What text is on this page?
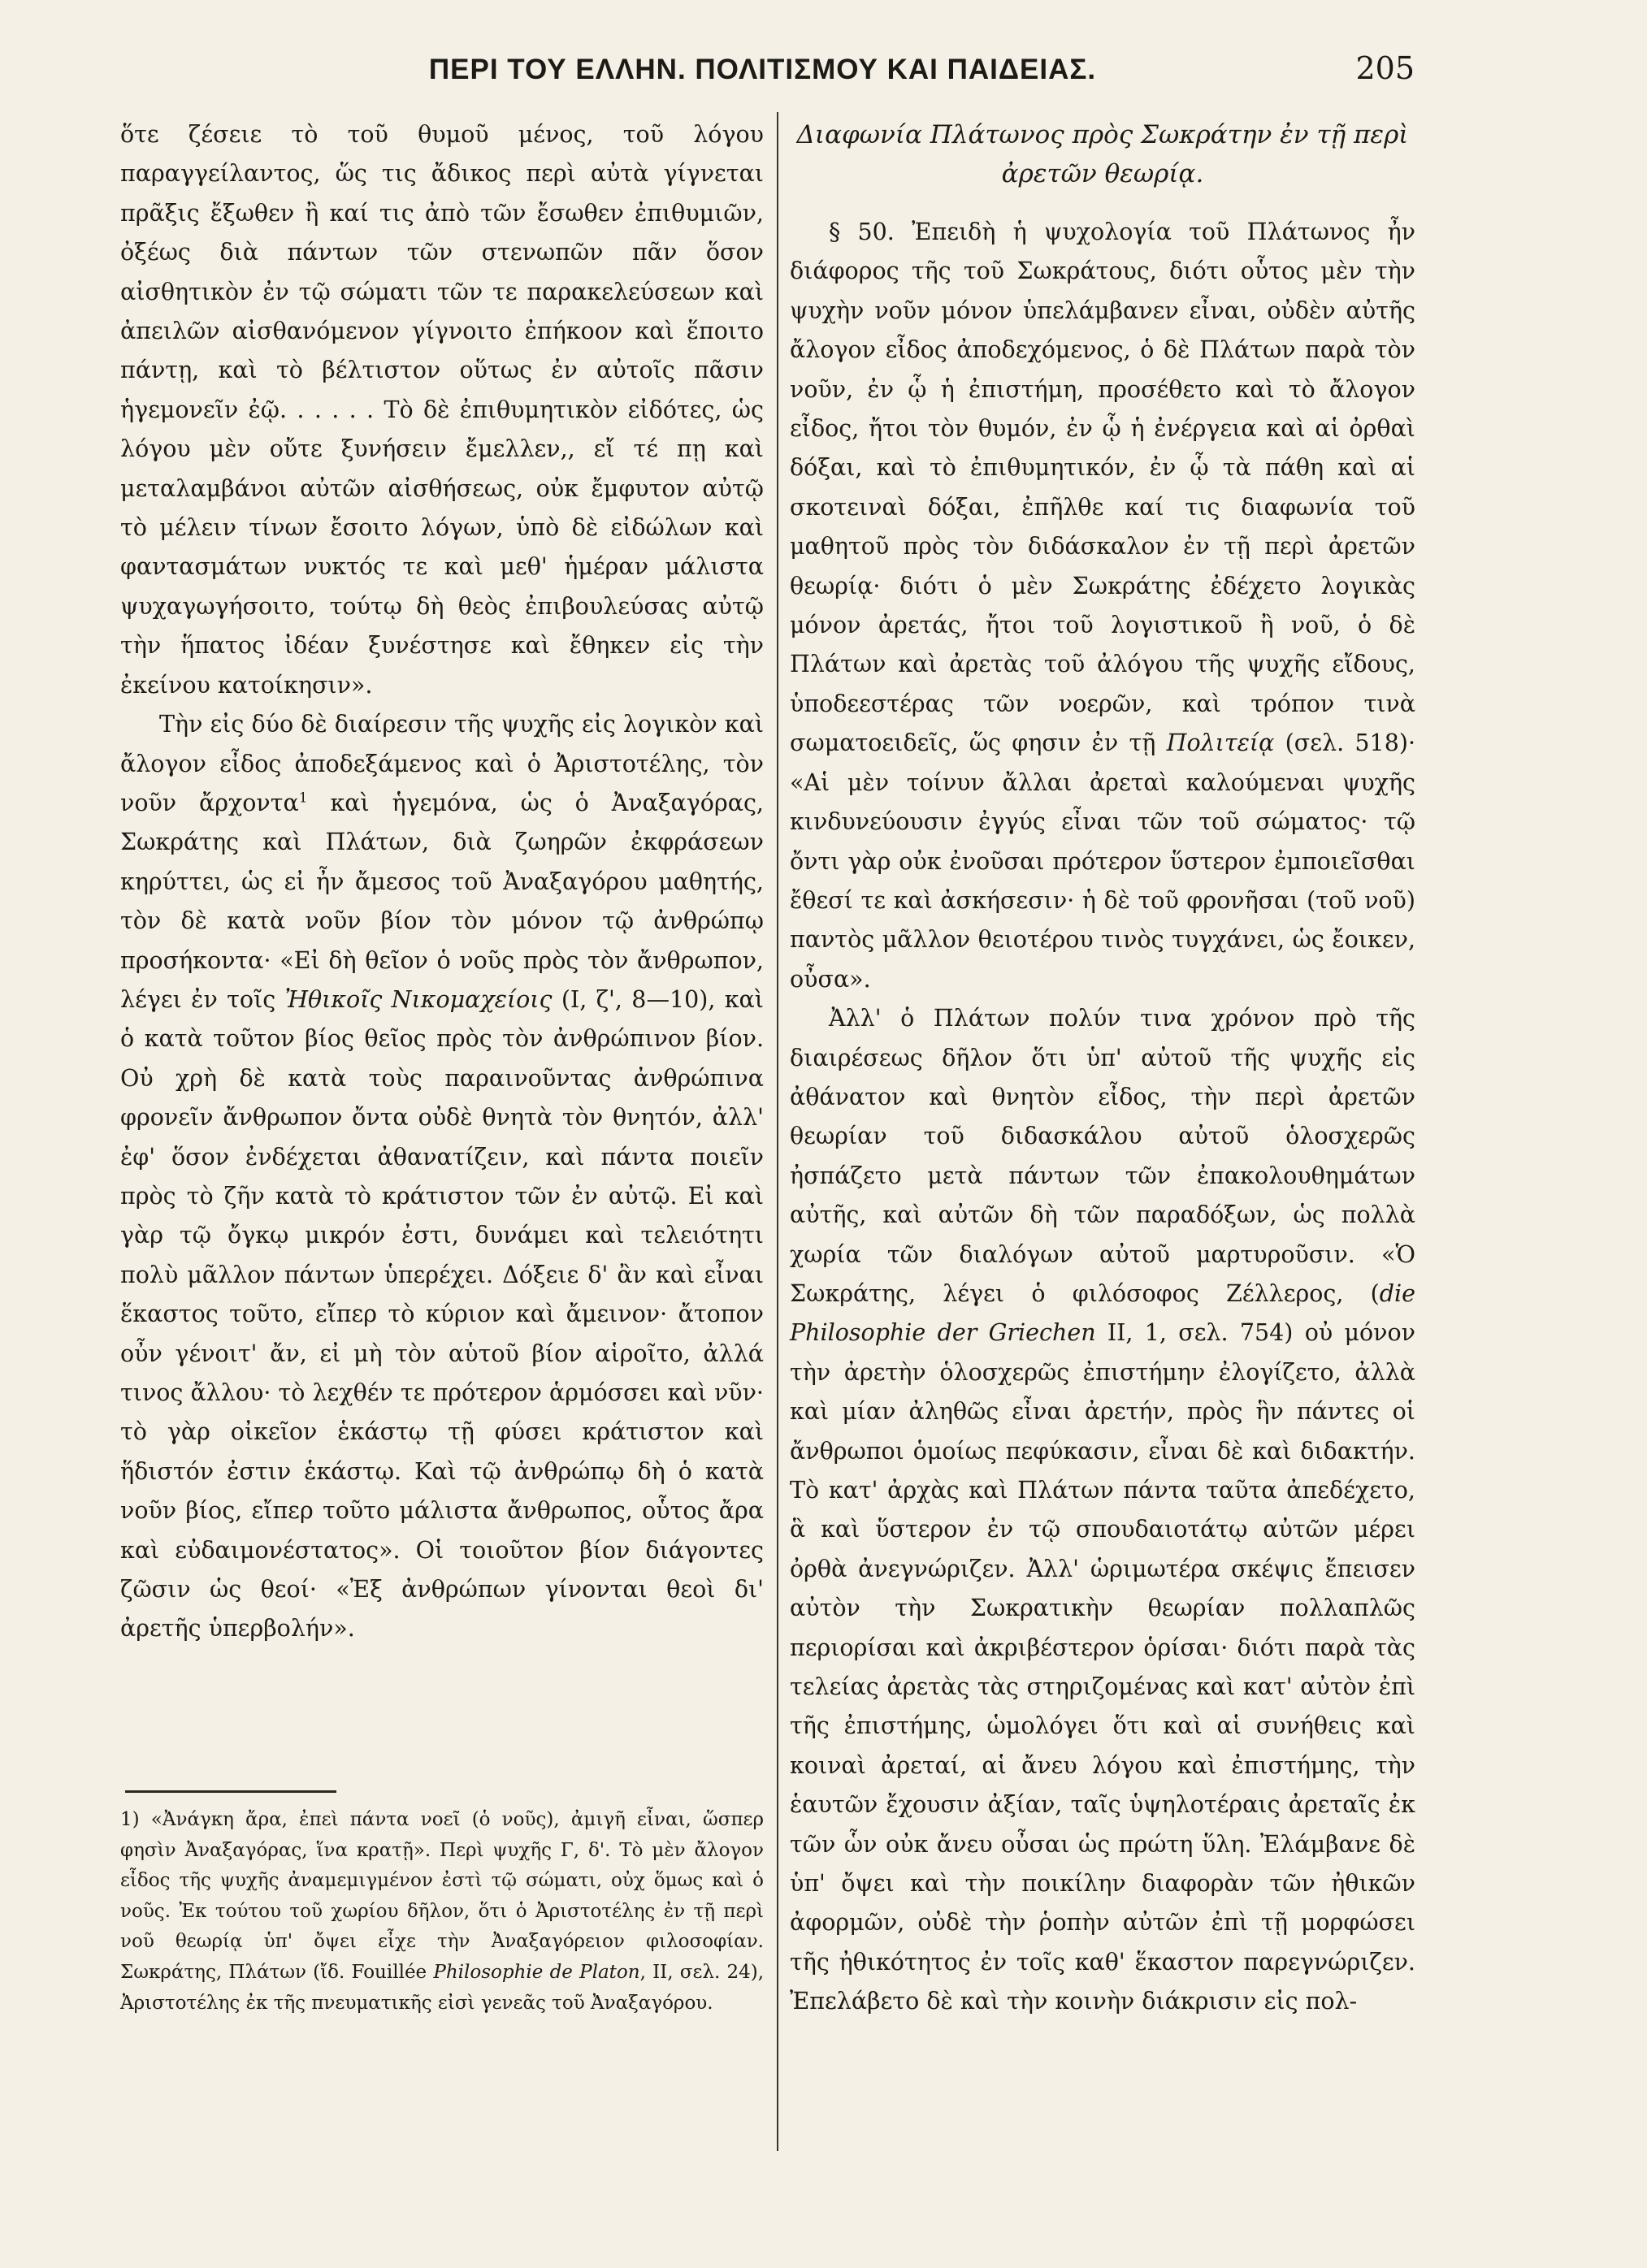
ΠΕΡΙ ΤΟΥ ΕΛΛΗΝ. ΠΟΛΙΤΙΣΜΟΥ ΚΑΙ ΠΑΙΔΕΙΑΣ.	205

ὅτε ζέσειε τὸ τοῦ θυμοῦ μένος, τοῦ λόγου παραγγείλαντος, ὥς τις ἄδικος περὶ αὐτὰ γίγνεται πρᾶξις ἔξωθεν ἢ καί τις ἀπὸ τῶν ἔσωθεν ἐπιθυμιῶν, ὀξέως διὰ πάντων τῶν στενωπῶν πᾶν ὅσον αἰσθητικὸν ἐν τῷ σώματι τῶν τε παρακελεύσεων καὶ ἀπειλῶν αἰσθανόμενον γίγνοιτο ἐπήκοον καὶ ἕποιτο πάντῃ, καὶ τὸ βέλτιστον οὕτως ἐν αὐτοῖς πᾶσιν ἡγεμονεῖν ἐῷ. . . . . . Τὸ δὲ ἐπιθυμητικὸν εἰδότες, ὡς λόγου μὲν οὔτε ξυνήσειν ἔμελλεν,, εἴ τέ πῃ καὶ μεταλαμβάνοι αὐτῶν αἰσθήσεως, οὐκ ἔμφυτον αὐτῷ τὸ μέλειν τίνων ἔσοιτο λόγων, ὑπὸ δὲ εἰδώλων καὶ φαντασμάτων νυκτός τε καὶ μεθ' ἡμέραν μάλιστα ψυχαγωγήσοιτο, τούτῳ δὴ θεὸς ἐπιβουλεύσας αὐτῷ τὴν ἥπατος ἰδέαν ξυνέστησε καὶ ἔθηκεν εἰς τὴν ἐκείνου κατοίκησιν».

Τὴν εἰς δύο δὲ διαίρεσιν τῆς ψυχῆς εἰς λογικὸν καὶ ἄλογον εἶδος ἀποδεξάμενος καὶ ὁ Ἀριστοτέλης, τὸν νοῦν ἄρχοντα$^1$ καὶ ἡγεμόνα, ὡς ὁ Ἀναξαγόρας, Σωκράτης καὶ Πλάτων, διὰ ζωηρῶν ἐκφράσεων κηρύττει, ὡς εἰ ἦν ἄμεσος τοῦ Ἀναξαγόρου μαθητής, τὸν δὲ κατὰ νοῦν βίον τὸν μόνον τῷ ἀνθρώπῳ προσήκοντα· «Εἰ δὴ θεῖον ὁ νοῦς πρὸς τὸν ἄνθρωπον, λέγει ἐν τοῖς Ἠθικοῖς Νικομαχείοις (I, ζ', 8—10), καὶ ὁ κατὰ τοῦτον βίος θεῖος πρὸς τὸν ἀνθρώπινον βίον. Οὐ χρὴ δὲ κατὰ τοὺς παραινοῦντας ἀνθρώπινα φρονεῖν ἄνθρωπον ὄντα οὐδὲ θνητὰ τὸν θνητόν, ἀλλ' ἐφ' ὅσον ἐνδέχεται ἀθανατίζειν, καὶ πάντα ποιεῖν πρὸς τὸ ζῆν κατὰ τὸ κράτιστον τῶν ἐν αὐτῷ. Εἰ καὶ γὰρ τῷ ὄγκῳ μικρόν ἐστι, δυνάμει καὶ τελειότητι πολὺ μᾶλλον πάντων ὑπερέχει. Δόξειε δ' ἂν καὶ εἶναι ἕκαστος τοῦτο, εἴπερ τὸ κύριον καὶ ἄμεινον· ἄτοπον οὖν γένοιτ' ἄν, εἰ μὴ τὸν αὑτοῦ βίον αἱροῖτο, ἀλλά τινος ἄλλου· τὸ λεχθέν τε πρότερον ἁρμόσσει καὶ νῦν· τὸ γὰρ οἰκεῖον ἑκάστῳ τῇ φύσει κράτιστον καὶ ἥδιστόν ἐστιν ἑκάστῳ. Καὶ τῷ ἀνθρώπῳ δὴ ὁ κατὰ νοῦν βίος, εἴπερ τοῦτο μάλιστα ἄνθρωπος, οὗτος ἄρα καὶ εὐδαιμονέστατος». Οἱ τοιοῦτον βίον διάγοντες ζῶσιν ὡς θεοί· «Ἐξ ἀνθρώπων γίνονται θεοὶ δι' ἀρετῆς ὑπερβολήν».

1) «Ἀνάγκη ἄρα, ἐπεὶ πάντα νοεῖ (ὁ νοῦς), ἀμιγῆ εἶναι, ὥσπερ φησὶν Ἀναξαγόρας, ἵνα κρατῇ». Περὶ ψυχῆς Γ, δ'. Τὸ μὲν ἄλογον εἶδος τῆς ψυχῆς ἀναμεμιγμένον ἐστὶ τῷ σώματι, οὐχ ὅμως καὶ ὁ νοῦς. Ἐκ τούτου τοῦ χωρίου δῆλον, ὅτι ὁ Ἀριστοτέλης ἐν τῇ περὶ νοῦ θεωρίᾳ ὑπ' ὄψει εἶχε τὴν Ἀναξαγόρειον φιλοσοφίαν. Σωκράτης, Πλάτων (ἴδ. Fouillée Philosophie de Platon, II, σελ. 24), Ἀριστοτέλης ἐκ τῆς πνευματικῆς εἰσὶ γενεᾶς τοῦ Ἀναξαγόρου.

Διαφωνία Πλάτωνος πρὸς Σωκράτην ἐν τῇ περὶ ἀρετῶν θεωρίᾳ.

§ 50. Ἐπειδὴ ἡ ψυχολογία τοῦ Πλάτωνος ἦν διάφορος τῆς τοῦ Σωκράτους, διότι οὗτος μὲν τὴν ψυχὴν νοῦν μόνον ὑπελάμβανεν εἶναι, οὐδὲν αὐτῆς ἄλογον εἶδος ἀποδεχόμενος, ὁ δὲ Πλάτων παρὰ τὸν νοῦν, ἐν ᾧ ἡ ἐπιστήμη, προσέθετο καὶ τὸ ἄλογον εἶδος, ἤτοι τὸν θυμόν, ἐν ᾧ ἡ ἐνέργεια καὶ αἱ ὀρθαὶ δόξαι, καὶ τὸ ἐπιθυμητικόν, ἐν ᾧ τὰ πάθη καὶ αἱ σκοτειναὶ δόξαι, ἐπῆλθε καί τις διαφωνία τοῦ μαθητοῦ πρὸς τὸν διδάσκαλον ἐν τῇ περὶ ἀρετῶν θεωρίᾳ· διότι ὁ μὲν Σωκράτης ἐδέχετο λογικὰς μόνον ἀρετάς, ἤτοι τοῦ λογιστικοῦ ἢ νοῦ, ὁ δὲ Πλάτων καὶ ἀρετὰς τοῦ ἀλόγου τῆς ψυχῆς εἴδους, ὑποδεεστέρας τῶν νοερῶν, καὶ τρόπον τινὰ σωματοειδεῖς, ὥς φησιν ἐν τῇ Πολιτείᾳ (σελ. 518)· «Αἱ μὲν τοίνυν ἄλλαι ἀρεταὶ καλούμεναι ψυχῆς κινδυνεύουσιν ἐγγύς εἶναι τῶν τοῦ σώματος· τῷ ὄντι γὰρ οὐκ ἐνοῦσαι πρότερον ὕστερον ἐμποιεῖσθαι ἔθεσί τε καὶ ἀσκήσεσιν· ἡ δὲ τοῦ φρονῆσαι (τοῦ νοῦ) παντὸς μᾶλλον θειοτέρου τινὸς τυγχάνει, ὡς ἔοικεν, οὖσα».

Ἀλλ' ὁ Πλάτων πολύν τινα χρόνον πρὸ τῆς διαιρέσεως δῆλον ὅτι ὑπ' αὐτοῦ τῆς ψυχῆς εἰς ἀθάνατον καὶ θνητὸν εἶδος, τὴν περὶ ἀρετῶν θεωρίαν τοῦ διδασκάλου αὐτοῦ ὁλοσχερῶς ἠσπάζετο μετὰ πάντων τῶν ἐπακολουθημάτων αὐτῆς, καὶ αὐτῶν δὴ τῶν παραδόξων, ὡς πολλὰ χωρία τῶν διαλόγων αὐτοῦ μαρτυροῦσιν. «Ὁ Σωκράτης, λέγει ὁ φιλόσοφος Ζέλλερος, (die Philosophie der Griechen II, 1, σελ. 754) οὐ μόνον τὴν ἀρετὴν ὁλοσχερῶς ἐπιστήμην ἐλογίζετο, ἀλλὰ καὶ μίαν ἀληθῶς εἶναι ἀρετήν, πρὸς ἣν πάντες οἱ ἄνθρωποι ὁμοίως πεφύκασιν, εἶναι δὲ καὶ διδακτήν. Τὸ κατ' ἀρχὰς καὶ Πλάτων πάντα ταῦτα ἀπεδέχετο, ἃ καὶ ὕστερον ἐν τῷ σπουδαιοτάτῳ αὐτῶν μέρει ὀρθὰ ἀνεγνώριζεν. Ἀλλ' ὡριμωτέρα σκέψις ἔπεισεν αὐτὸν τὴν Σωκρατικὴν θεωρίαν πολλαπλῶς περιορίσαι καὶ ἀκριβέστερον ὁρίσαι· διότι παρὰ τὰς τελείας ἀρετὰς τὰς στηριζομένας καὶ κατ' αὐτὸν ἐπὶ τῆς ἐπιστήμης, ὡμολόγει ὅτι καὶ αἱ συνήθεις καὶ κοιναὶ ἀρεταί, αἱ ἄνευ λόγου καὶ ἐπιστήμης, τὴν ἑαυτῶν ἔχουσιν ἀξίαν, ταῖς ὑψηλοτέραις ἀρεταῖς ἐκ τῶν ὧν οὐκ ἄνευ οὖσαι ὡς πρώτη ὕλη. Ἐλάμβανε δὲ ὑπ' ὄψει καὶ τὴν ποικίλην διαφορὰν τῶν ἠθικῶν ἀφορμῶν, οὐδὲ τὴν ῥοπὴν αὐτῶν ἐπὶ τῇ μορφώσει τῆς ἠθικότητος ἐν τοῖς καθ' ἕκαστον παρεγνώριζεν. Ἐπελάβετο δὲ καὶ τὴν κοινὴν διάκρισιν εἰς πολ-
